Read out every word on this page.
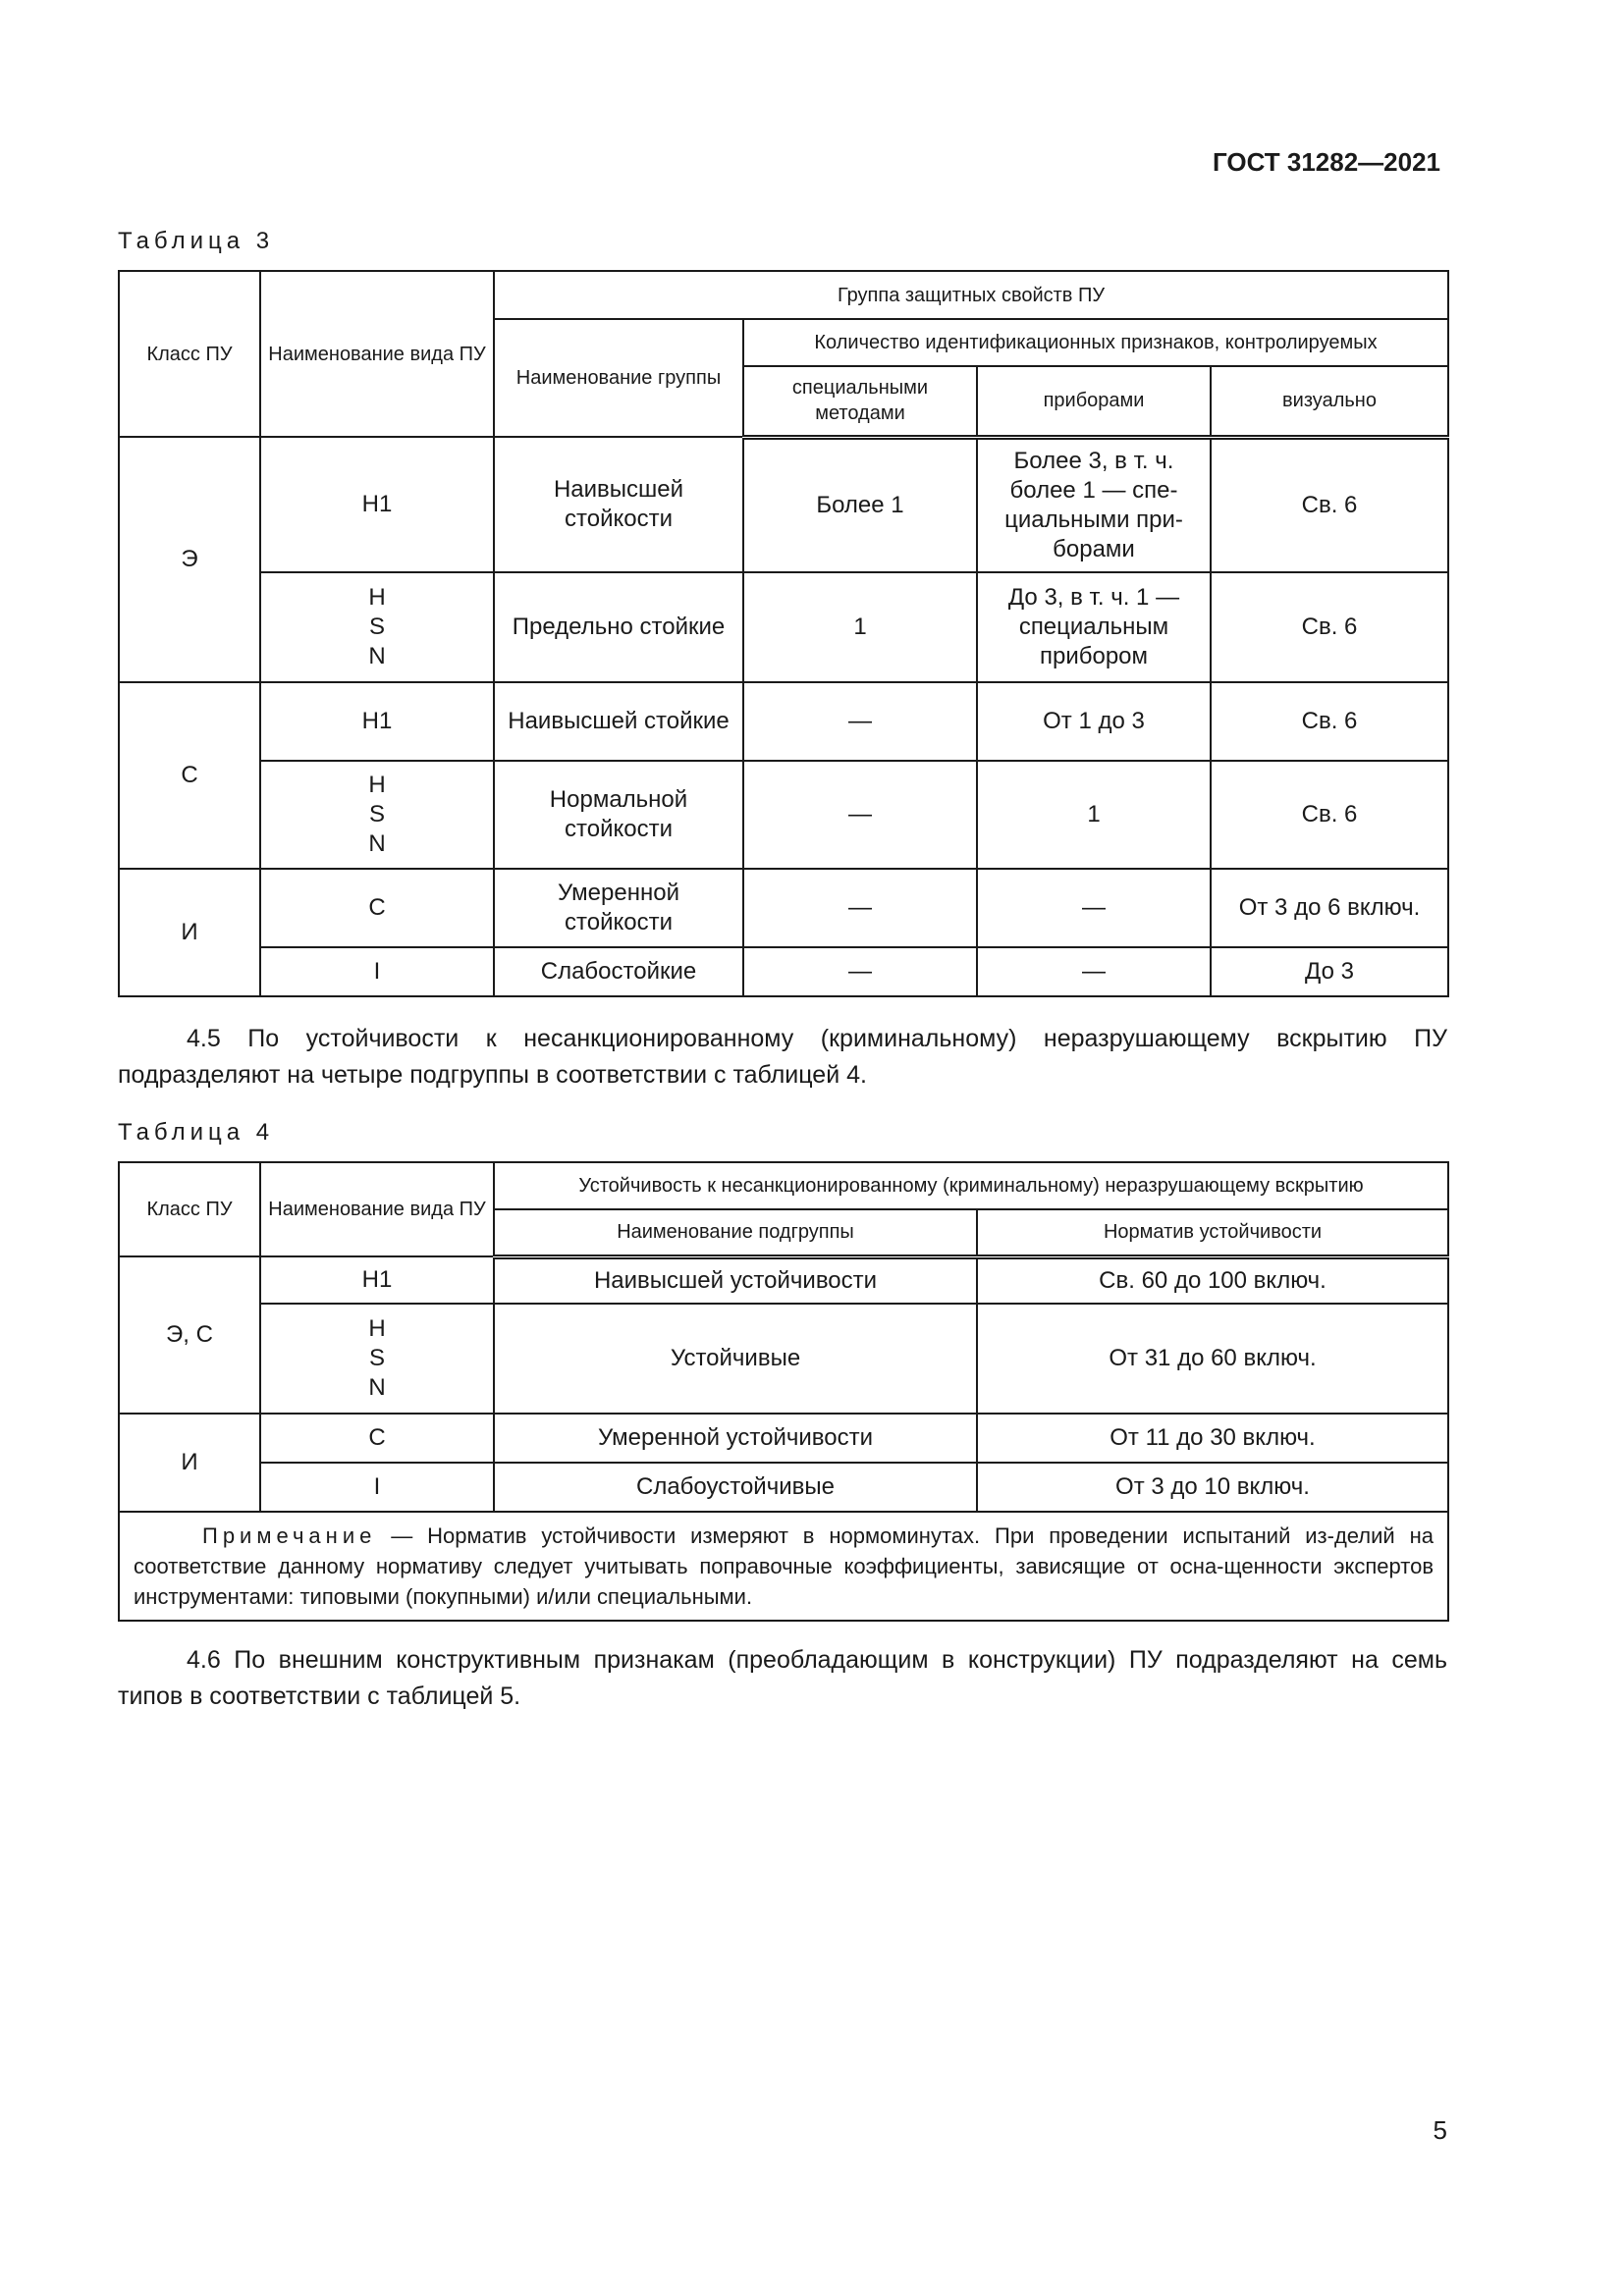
ГОСТ 31282—2021
Таблица 3
Класс ПУ	Наименование вида ПУ	Группа защитных свойств ПУ			
		Наименование группы	Количество идентификационных признаков, контролируемых		
			специальными методами	приборами	визуально
Э	H1	Наивысшей стойкости	Более 1	Более 3, в т. ч. более 1 — спе-циальными при-борами	Св. 6

	H
S
N	Предельно стойкие	1	До 3, в т. ч. 1 — специальным прибором	Св. 6
С	H1	Наивысшей стойкие	—	От 1 до 3	Св. 6

	H
S
N	Нормальной стойкости	—	1	Св. 6
И	C	Умеренной стойкости	—	—	От 3 до 6 включ.
	I	Слабостойкие	—	—	До 3

4.5 По устойчивости к несанкционированному (криминальному) неразрушающему вскрытию ПУ подразделяют на четыре подгруппы в соответствии с таблицей 4.

Таблица 4
Класс ПУ	Наименование вида ПУ	Устойчивость к несанкционированному (криминальному) неразрушающему вскрытию	
		Наименование подгруппы	Норматив устойчивости
Э, С	H1	Наивысшей устойчивости	Св. 60 до 100 включ.

	H
S
N	Устойчивые	От 31 до 60 включ.
И	C	Умеренной устойчивости	От 11 до 30 включ.
	I	Слабоустойчивые	От 3 до 10 включ.
Примечание — Норматив устойчивости измеряют в нормоминутах. При проведении испытаний из-делий на соответствие данному нормативу следует учитывать поправочные коэффициенты, зависящие от осна-щенности экспертов инструментами: типовыми (покупными) и/или специальными.			

4.6 По внешним конструктивным признакам (преобладающим в конструкции) ПУ подразделяют на семь типов в соответствии с таблицей 5.

5
